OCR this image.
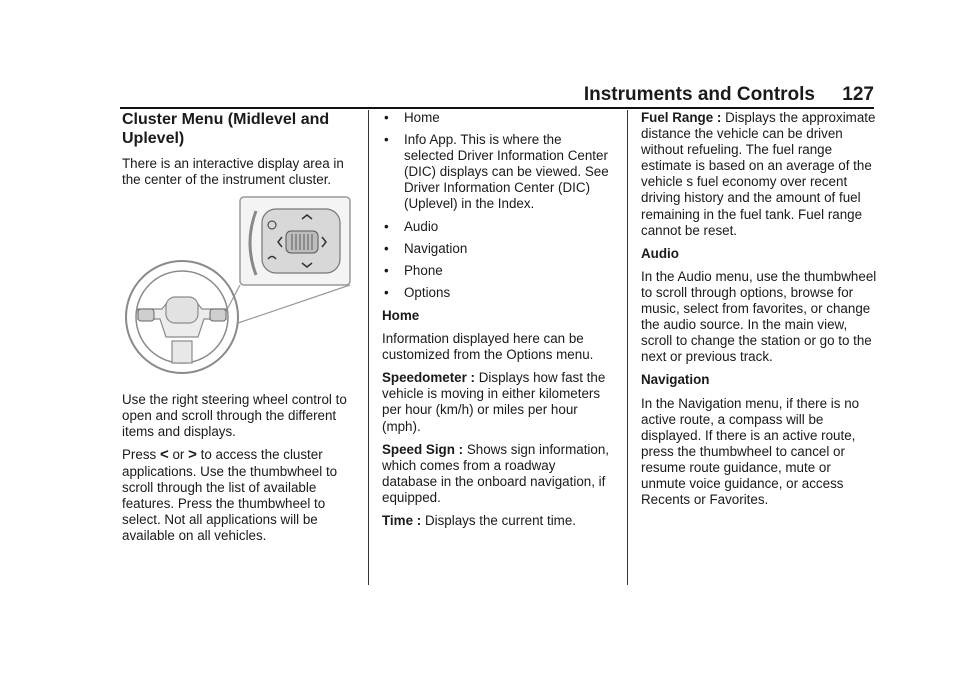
Instruments and Controls 127
Cluster Menu (Midlevel and Uplevel)

There is an interactive display area in the center of the instrument cluster.

Use the right steering wheel control to open and scroll through the different items and displays.

Press < or > to access the cluster applications. Use the thumbwheel to scroll through the list of available features. Press the thumbwheel to select. Not all applications will be available on all vehicles.

• Home
• Info App. This is where the selected Driver Information Center (DIC) displays can be viewed. See Driver Information Center (DIC) (Uplevel) in the Index.
• Audio
• Navigation
• Phone
• Options
Home

Information displayed here can be customized from the Options menu.

Speedometer : Displays how fast the vehicle is moving in either kilometers per hour (km/h) or miles per hour (mph).

Speed Sign : Shows sign information, which comes from a roadway database in the onboard navigation, if equipped.

Time : Displays the current time.

Fuel Range : Displays the approximate distance the vehicle can be driven without refueling. The fuel range estimate is based on an average of the vehicle s fuel economy over recent driving history and the amount of fuel remaining in the fuel tank. Fuel range cannot be reset.

Audio

In the Audio menu, use the thumbwheel to scroll through options, browse for music, select from favorites, or change the audio source. In the main view, scroll to change the station or go to the next or previous track.

Navigation

In the Navigation menu, if there is no active route, a compass will be displayed. If there is an active route, press the thumbwheel to cancel or resume route guidance, mute or unmute voice guidance, or access Recents or Favorites.
